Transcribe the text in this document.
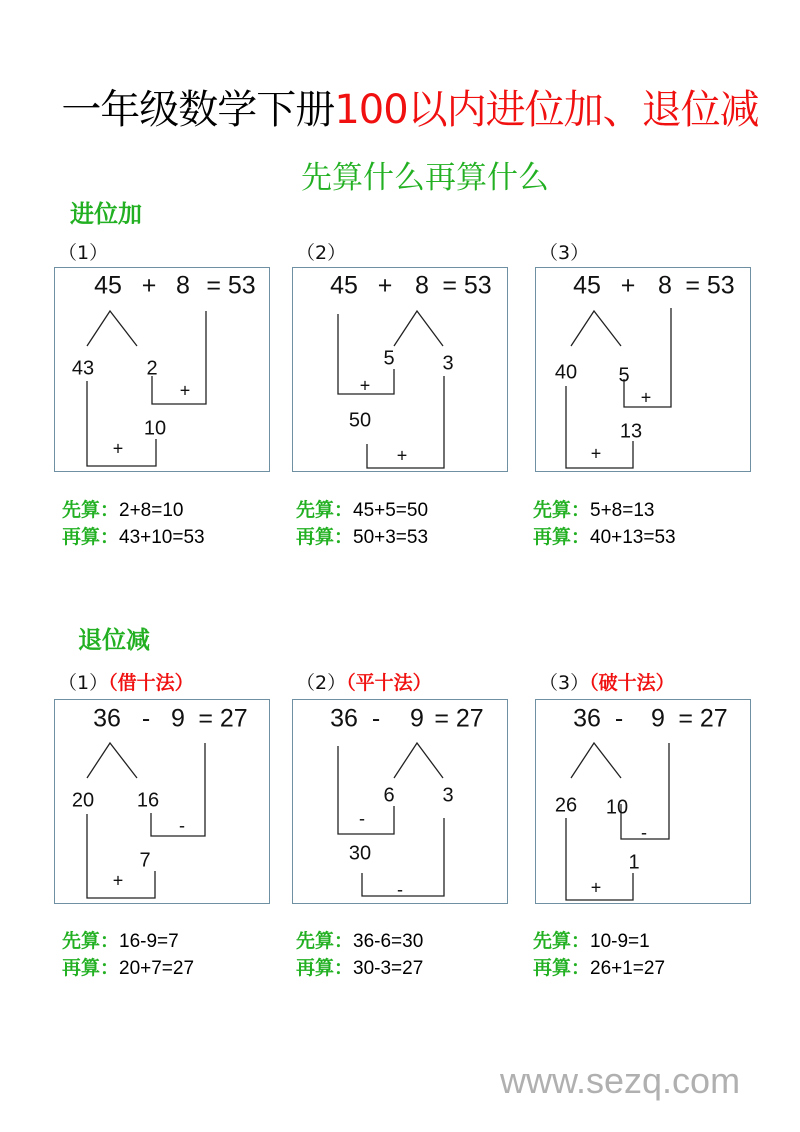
一年级数学下册100以内进位加、退位减
先算什么再算什么
进位加
退位减
（1）
45 + 8 = 53
43	2
+
10
+
先算：2+8=10
再算：43+10=53
（2）
45 + 8 = 53
5 3
+
50
+
先算：45+5=50
再算：50+3=53
（3）
45 + 8 = 53
40 5
+
13
+
先算：5+8=13
再算：40+13=53
（1）（借十法）
36 - 9 = 27
20 16
-
7
+
先算：16-9=7
再算：20+7=27
（2）（平十法）
36 - 9 = 27
6 3
-
30
-
先算：36-6=30
再算：30-3=27
（3）（破十法）
36 - 9 = 27
26 10
-
1
+
先算：10-9=1
再算：26+1=27
www.sezq.com
